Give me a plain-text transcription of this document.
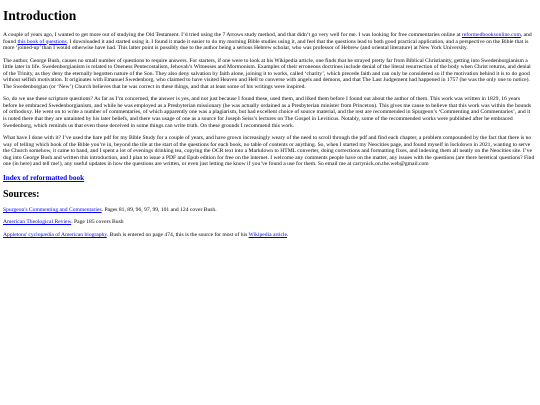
Introduction

A couple of years ago, I wanted to get more out of studying the Old Testament. I’d tried using the 7 Arrows study method, and that didn’t go very well for me. I was looking for free commentaries online at reformedbooksonline.com, and found this book of questions. I downloaded it and started using it. I found it made it easier to do my morning Bible studies using it, and feel that the questions lead to both good practical application, and a perspective on the Bible that is more ‘joined-up’ than I would otherwise have had. This latter point is possibly due to the author being a serious Hebrew scholar, who was professor of Hebrew (and oriental literature) at New York University.

The author, George Bush, causes no small number of questions to require answers. For starters, if one were to look at his Wikipedia article, one finds that he strayed pretty far from Biblical Christianity, getting into Swedenborgianism a little later in life. Swedenborgianism is related to Oneness Pentecostalism, Jehovah’s Witnesses and Mormonism. Examples of their erroneous doctrines include denial of the literal resurrection of the body when Christ returns, and denial of the Trinity, as they deny the eternally begotten nature of the Son. They also deny salvation by faith alone, joining it to works, called ‘charity’, which precede faith and can only be considered so if the motivation behind it is to do good without selfish motivation. It originates with Emanuel Swedenborg, who claimed to have visited Heaven and Hell to converse with angels and demons, and that The Last Judgement had happened in 1757 (he was the only one to notice). The Swedenborgian (or ‘New’) Church believes that he was correct in these things, and that at least some of his writings were inspired.

So, do we use these scripture questions? As far as I’m concerned, the answer is yes, and not just because I found these, used them, and liked them before I found out about the author of them. This work was written in 1829, 16 years before he embraced Swedenborgianism, and while he was employed as a Presbyterian missionary (he was actually ordained as a Presbyterian minister from Princeton). This gives me cause to believe that this work was within the bounds of orthodoxy. He went on to write a number of commentaries, of which apparently one was a plagiarism, but had excellent choice of source material, and the rest are recommended in Spurgeon’s ‘Commenting and Commentaries’, and it is noted there that they are untainted by his later beliefs, and there was usage of one as a source for Joseph Seiss’s lectures on The Gospel in Leviticus. Notably, some of the recommended works were published after he embraced Swedenborg, which reminds us that even those deceived in some things can write truth. On these grounds I recommend this work.

What have I done with it? I’ve used the bare pdf for my Bible Study for a couple of years, and have grown increasingly weary of the need to scroll through the pdf and find each chapter, a problem compounded by the fact that there is no way of telling which book of the Bible you’re in, beyond the tile at the start of the questions for each book, no table of contents or anything. So, when I started my Neocities page, and found myself in lockdown in 2021, wanting to serve the Church somehow, it came to hand, and I spent a lot of evenings drinking tea, copying the OCR text into a Markdown to HTML converter, doing corrections and formatting fixes, and indexing them all neatly on the Neocities site. I’ve dug into George Bush and written this introduction, and I plan to issue a PDF and Epub edition for free on the internet. I welcome any comments people have on the matter, any issues with the questions (are there heretical questions? Find one (in here) and tell me!), any useful updates in how the questions are written, or even just letting me know if you’ve found a use for them. So email me at carrynick.on.the.web@gmail.com

Index of reformatted book
Sources:

Spurgeon's Commenting and Commentaries. Pages 81, 89, 96, 97, 99, 101 and 124 cover Bush.

American Theological Review. Page 185 covers Bush

Appletons' cyclopædia of American biography. Bush is entered on page 474, this is the source for most of his Wikipedia article.
